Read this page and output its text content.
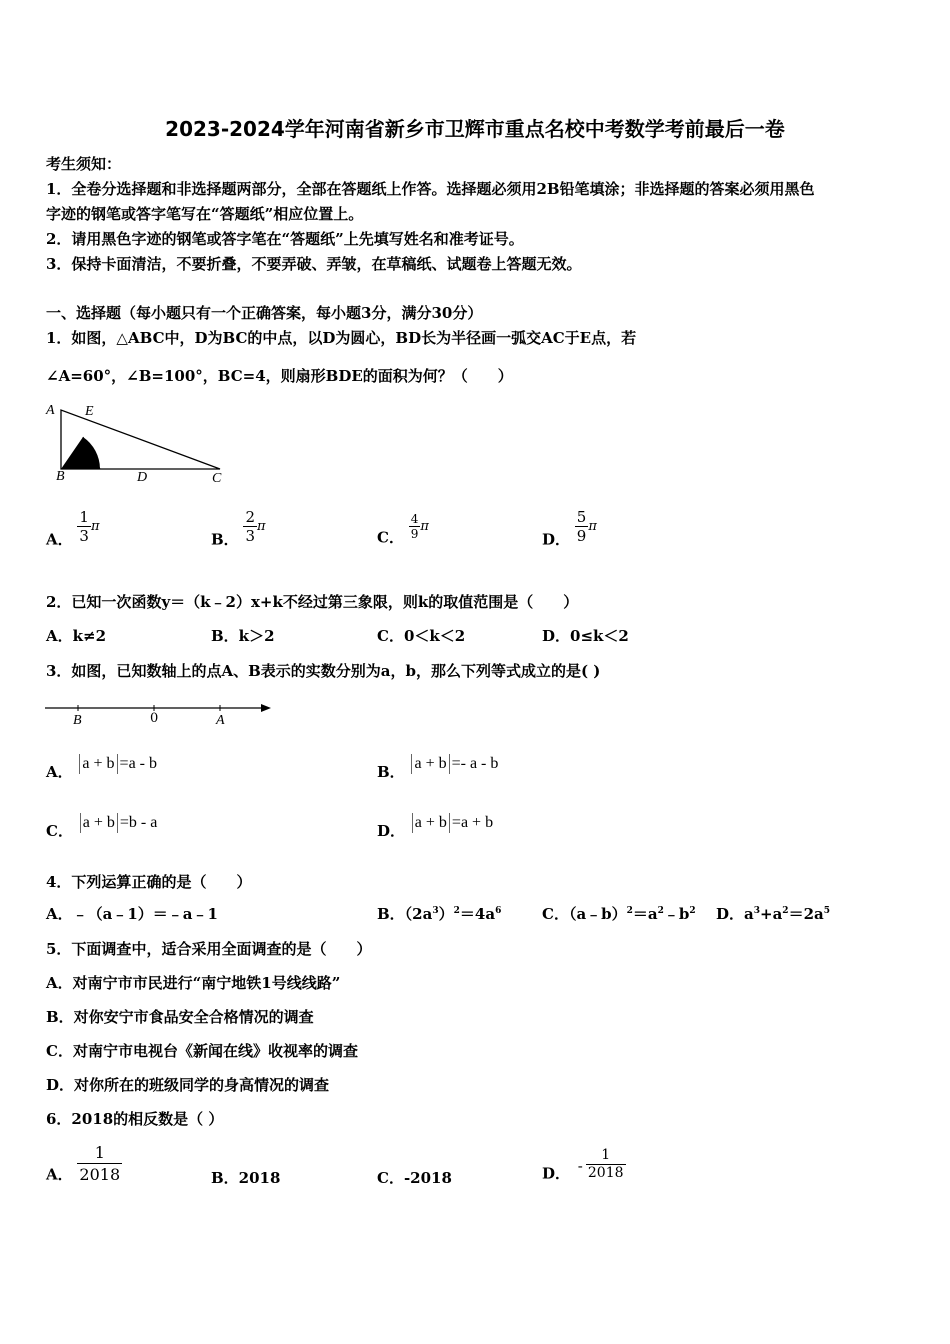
2023-2024学年河南省新乡市卫辉市重点名校中考数学考前最后一卷
考生须知：
1．全卷分选择题和非选择题两部分，全部在答题纸上作答。选择题必须用2B铅笔填涂；非选择题的答案必须用黑色
字迹的钢笔或答字笔写在“答题纸”相应位置上。
2．请用黑色字迹的钢笔或答字笔在“答题纸”上先填写姓名和准考证号。
3．保持卡面清洁，不要折叠，不要弄破、弄皱，在草稿纸、试题卷上答题无效。
一、选择题（每小题只有一个正确答案，每小题3分，满分30分）
1．如图，△ABC中，D为BC的中点，以D为圆心，BD长为半径画一弧交AC于E点，若
∠A=60°，∠B=100°，BC=4，则扇形BDE的面积为何？（　　）
A E
B	D	C
A． $\frac{1}{3}$ π
B． $\frac{2}{3}$ π
C． $\frac{4}{9}$ π
D． $\frac{5}{9}$ π
2．已知一次函数y＝（k﹣2）x+k不经过第三象限，则k的取值范围是（　　）
A．k≠2	B．k＞2	C．0＜k＜2	D．0≤k＜2
3．如图，已知数轴上的点A、B表示的实数分别为a，b，那么下列等式成立的是( )
B	0	A
A． a + b =a - b	B． a + b =- a - b
C． a + b =b - a	D． a + b =a + b
4．下列运算正确的是（　　）
A．﹣（a﹣1）＝﹣a﹣1	B．$(2a^3)^2=4a^6$	C．$(a﹣b)^2=a^2﹣b^2$ D．$a^3+a^2=2a^5$
5．下面调查中，适合采用全面调查的是（　　）
A．对南宁市市民进行“南宁地铁1号线线路”
B．对你安宁市食品安全合格情况的调查
C．对南宁市电视台《新闻在线》收视率的调查
D．对你所在的班级同学的身高情况的调查
6．2018的相反数是（ ）
A． $\frac{1}{2018}$	B．2018	C．-2018	D． - $\frac{1}{2018}$
